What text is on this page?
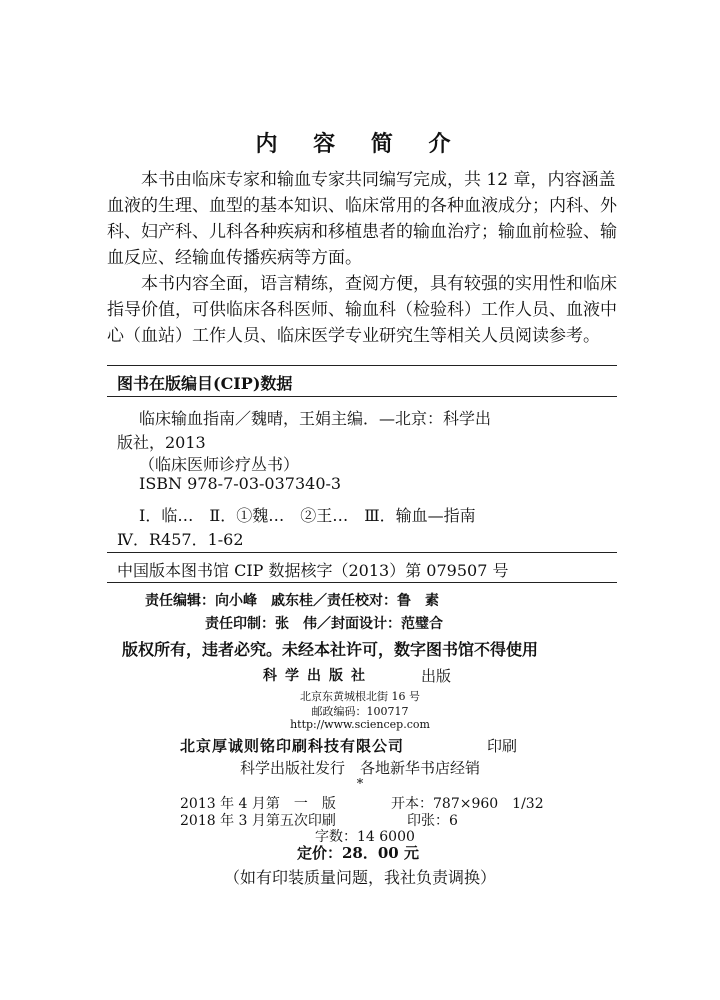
内 容 简 介
本书由临床专家和输血专家共同编写完成，共 12 章，内容涵盖血液的生理、血型的基本知识、临床常用的各种血液成分；内科、外科、妇产科、儿科各种疾病和移植患者的输血治疗；输血前检验、输血反应、经输血传播疾病等方面。
本书内容全面，语言精练，查阅方便，具有较强的实用性和临床指导价值，可供临床各科医师、输血科（检验科）工作人员、血液中心（血站）工作人员、临床医学专业研究生等相关人员阅读参考。
图书在版编目(CIP)数据
临床输血指南／魏晴，王娟主编．—北京：科学出
版社，2013
（临床医师诊疗丛书）
ISBN 978-7-03-037340-3
Ⅰ．临…　Ⅱ．①魏…　②王…　Ⅲ．输血—指南
Ⅳ．R457．1-62
中国版本图书馆 CIP 数据核字（2013）第 079507 号
责任编辑：向小峰　戚东桂／责任校对：鲁　素
责任印制：张　伟／封面设计：范璧合
版权所有，违者必究。未经本社许可，数字图书馆不得使用
科学出版社	出版
北京东黄城根北街 16 号
邮政编码：100717
http://www.sciencep.com
北京厚诚则铭印刷科技有限公司	印刷
科学出版社发行　各地新华书店经销
*
2013 年 4 月第　一　版	开本：787×960　1/32
2018 年 3 月第五次印刷	印张：6
字数：14 6000
定价：28．00 元
（如有印装质量问题，我社负责调换）
